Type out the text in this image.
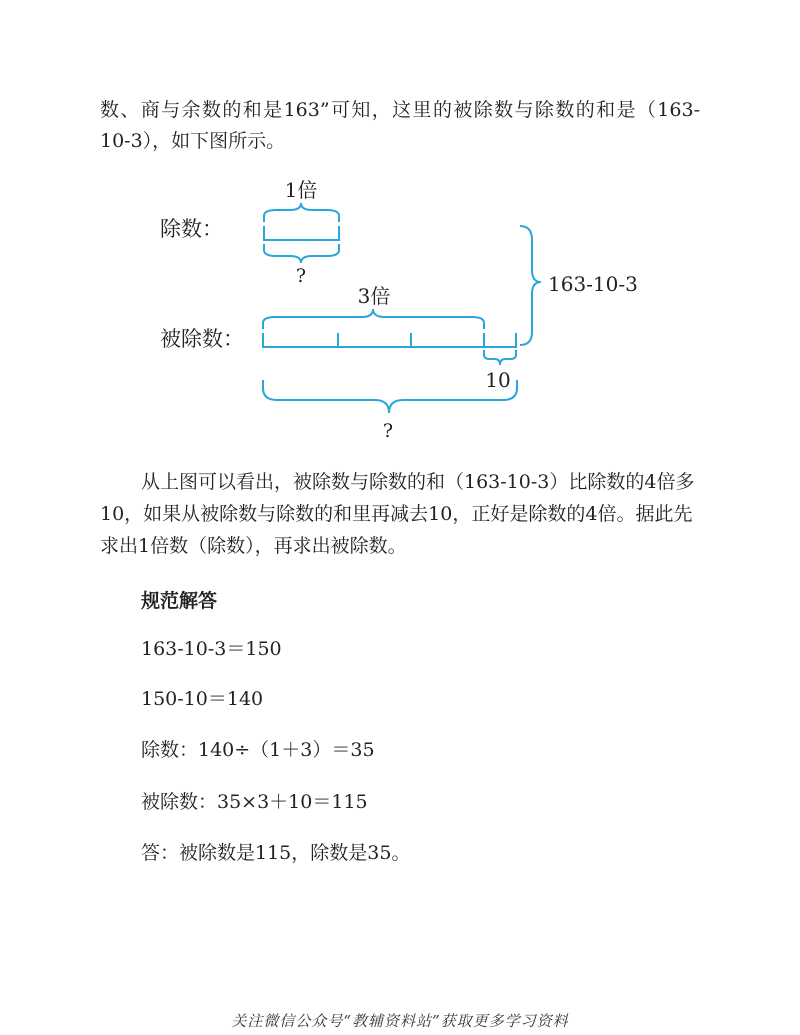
数、商与余数的和是163”可知，这里的被除数与除数的和是（163-

10-3），如下图所示。

除数：
被除数：
1倍
3倍
?
?
10
163-10-3

从上图可以看出，被除数与除数的和（163-10-3）比除数的4倍多

10，如果从被除数与除数的和里再减去10，正好是除数的4倍。据此先

求出1倍数（除数），再求出被除数。

规范解答
163-10-3＝150
150-10＝140
除数：140÷（1＋3）＝35
被除数：35×3＋10＝115
答：被除数是115，除数是35。
关注微信公众号“教辅资料站”获取更多学习资料
